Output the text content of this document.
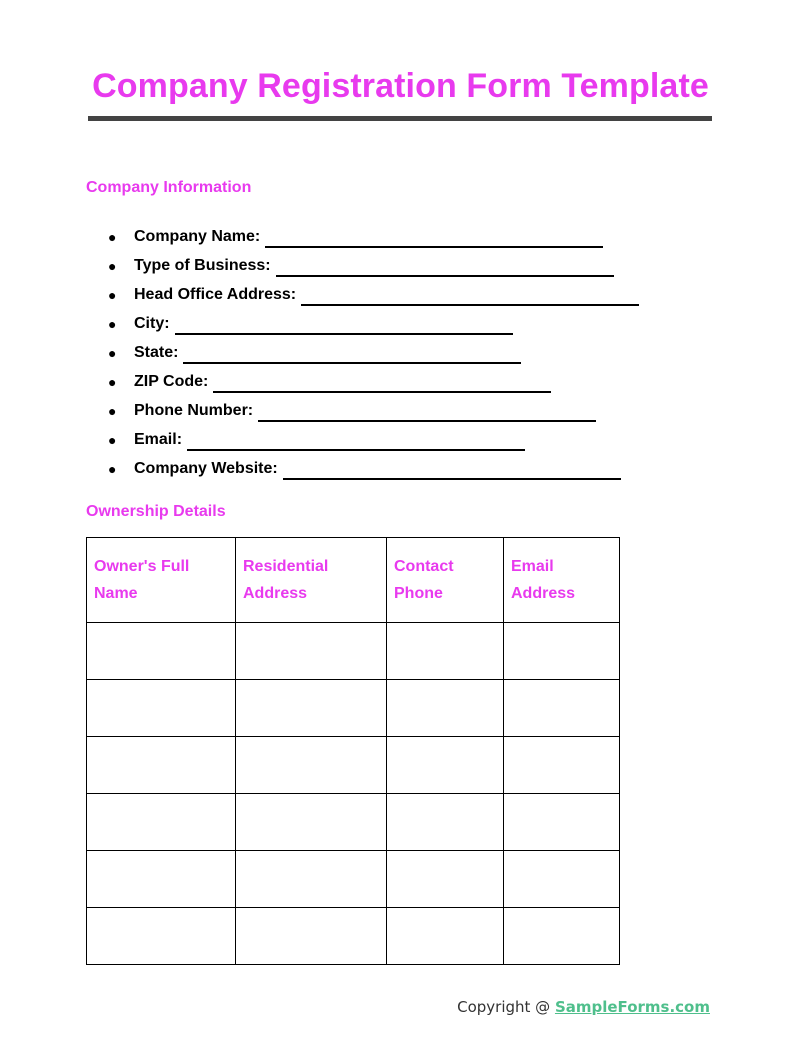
Company Registration Form Template
Company Information
●	Company Name:
●	Type of Business:
●	Head Office Address:
●	City:
●	State:
●	ZIP Code:
●	Phone Number:
●	Email:
●	Company Website:
Ownership Details
Owner's Full Name	Residential Address	Contact Phone	Email Address

Copyright @ SampleForms.com
